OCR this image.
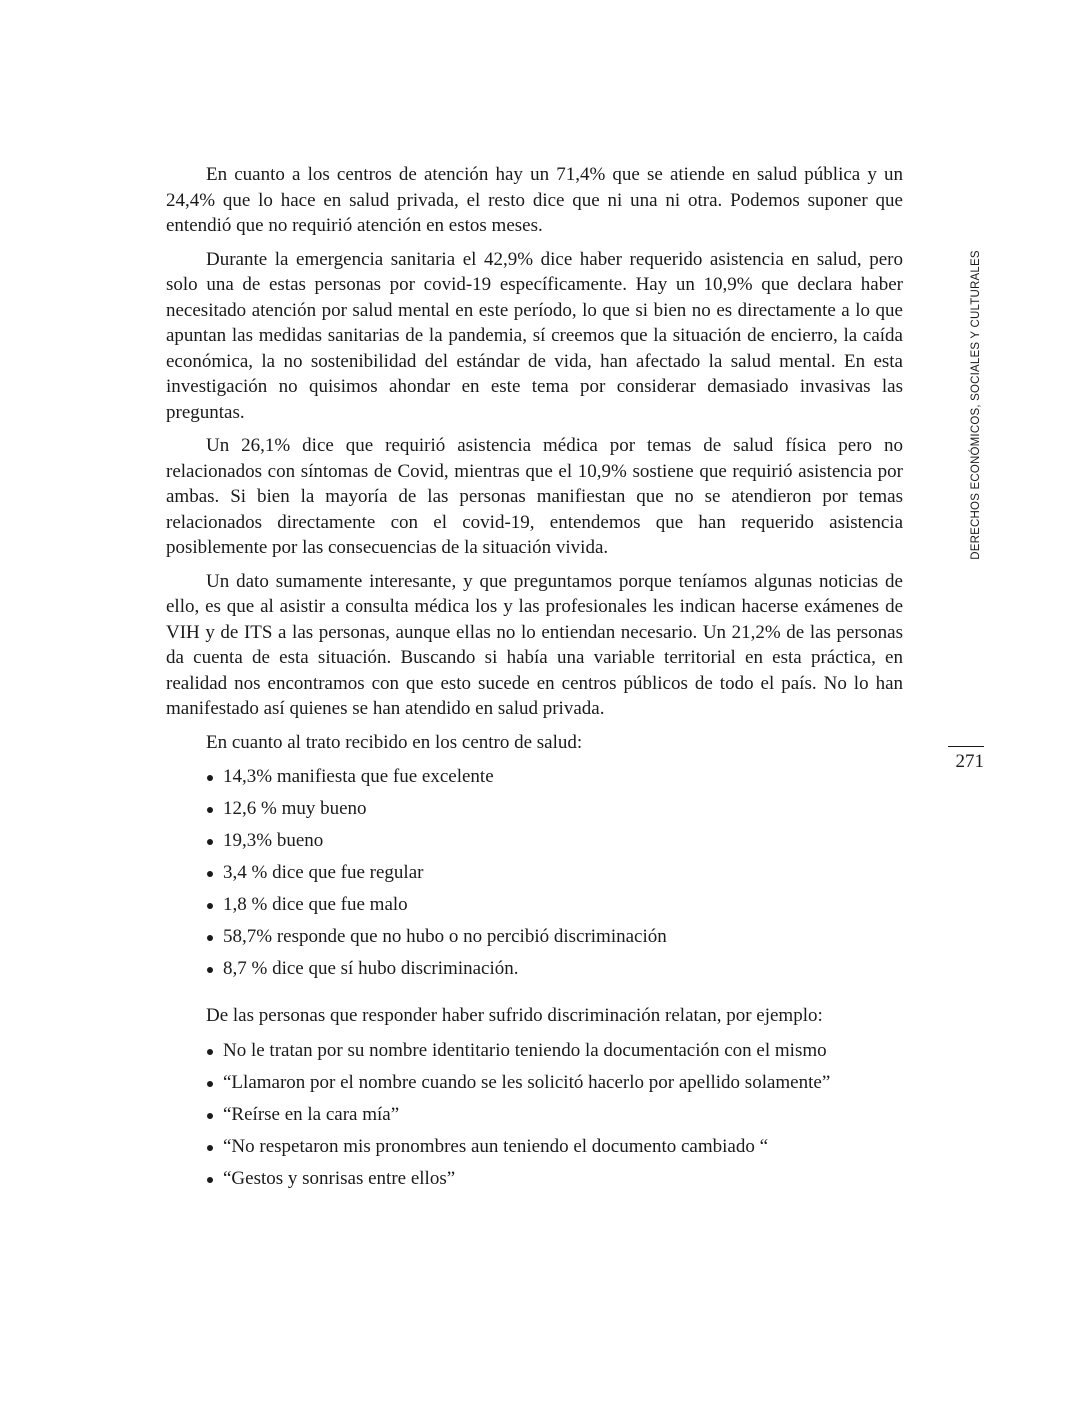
En cuanto a los centros de atención hay un 71,4% que se atiende en salud pública y un 24,4% que lo hace en salud privada, el resto dice que ni una ni otra. Podemos suponer que entendió que no requirió atención en estos meses.

Durante la emergencia sanitaria el 42,9% dice haber requerido asistencia en salud, pero solo una de estas personas por covid-19 específicamente. Hay un 10,9% que declara haber necesitado atención por salud mental en este período, lo que si bien no es directamente a lo que apuntan las medidas sanitarias de la pandemia, sí creemos que la situación de encierro, la caída económica, la no sostenibilidad del estándar de vida, han afectado la salud mental. En esta investigación no quisimos ahondar en este tema por considerar demasiado invasivas las preguntas.

Un 26,1% dice que requirió asistencia médica por temas de salud física pero no relacionados con síntomas de Covid, mientras que el 10,9% sostiene que requirió asistencia por ambas. Si bien la mayoría de las personas manifiestan que no se atendieron por temas relacionados directamente con el covid-19, entendemos que han requerido asistencia posiblemente por las consecuencias de la situación vivida.

Un dato sumamente interesante, y que preguntamos porque teníamos algunas noticias de ello, es que al asistir a consulta médica los y las profesionales les indican hacerse exámenes de VIH y de ITS a las personas, aunque ellas no lo entiendan necesario. Un 21,2% de las personas da cuenta de esta situación. Buscando si había una variable territorial en esta práctica, en realidad nos encontramos con que esto sucede en centros públicos de todo el país. No lo han manifestado así quienes se han atendido en salud privada.

En cuanto al trato recibido en los centro de salud:

14,3% manifiesta que fue excelente
12,6 % muy bueno
19,3% bueno
3,4 % dice que fue regular
1,8 % dice que fue malo
58,7% responde que no hubo o no percibió discriminación
8,7 % dice que sí hubo discriminación.

De las personas que responder haber sufrido discriminación relatan, por ejemplo:

No le tratan por su nombre identitario teniendo la documentación con el mismo
“Llamaron por el nombre cuando se les solicitó hacerlo por apellido solamente”
“Reírse en la cara mía”
“No respetaron mis pronombres aun teniendo el documento cambiado “
“Gestos y sonrisas entre ellos”
DERECHOS ECONÓMICOS, SOCIALES Y CULTURALES
271
